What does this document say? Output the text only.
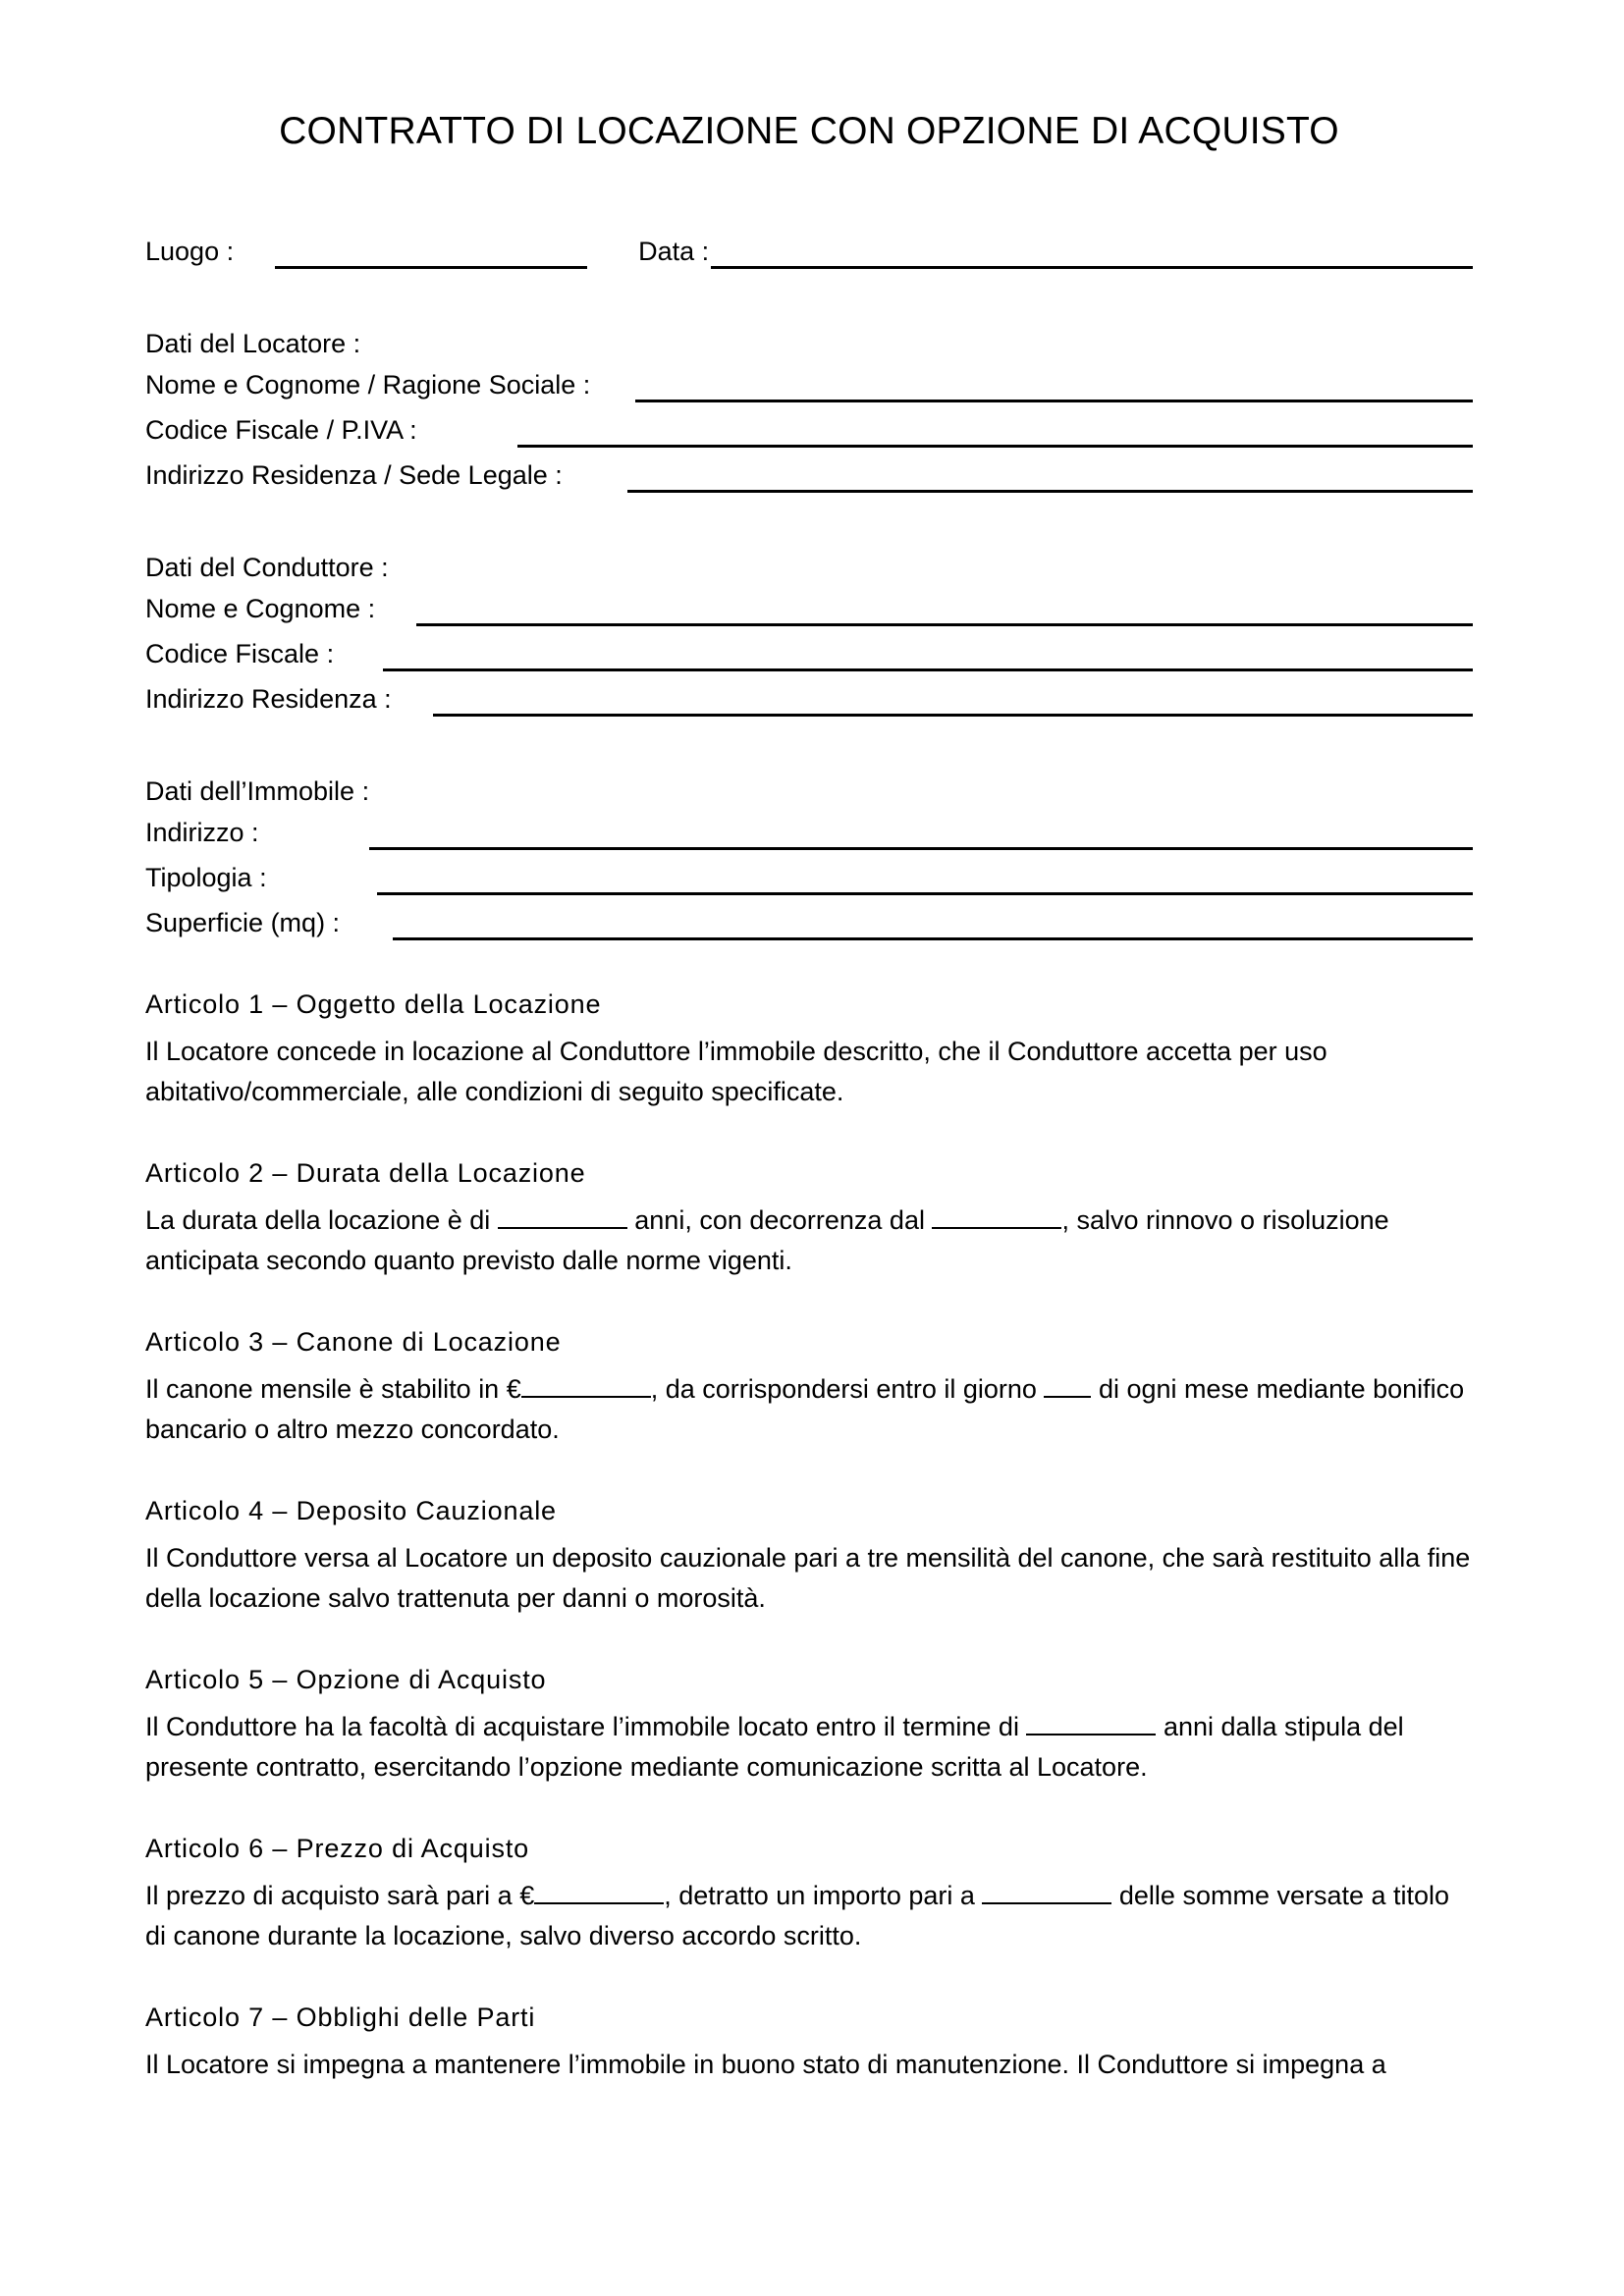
CONTRATTO DI LOCAZIONE CON OPZIONE DI ACQUISTO
Luogo :	Data :
Dati del Locatore :
Nome e Cognome / Ragione Sociale :
Codice Fiscale / P.IVA :
Indirizzo Residenza / Sede Legale :
Dati del Conduttore :
Nome e Cognome :
Codice Fiscale :
Indirizzo Residenza :
Dati dell’Immobile :
Indirizzo :
Tipologia :
Superficie (mq) :
Articolo 1 – Oggetto della Locazione

Il Locatore concede in locazione al Conduttore l’immobile descritto, che il Conduttore accetta per uso abitativo/commerciale, alle condizioni di seguito specificate.

Articolo 2 – Durata della Locazione

La durata della locazione è di	anni, con decorrenza dal	, salvo rinnovo o risoluzione anticipata secondo quanto previsto dalle norme vigenti.

Articolo 3 – Canone di Locazione

Il canone mensile è stabilito in €	, da corrispondersi entro il giorno  di ogni mese mediante bonifico bancario o altro mezzo concordato.

Articolo 4 – Deposito Cauzionale

Il Conduttore versa al Locatore un deposito cauzionale pari a tre mensilità del canone, che sarà restituito alla fine della locazione salvo trattenuta per danni o morosità.

Articolo 5 – Opzione di Acquisto

Il Conduttore ha la facoltà di acquistare l’immobile locato entro il termine di	anni dalla stipula del presente contratto, esercitando l’opzione mediante comunicazione scritta al Locatore.

Articolo 6 – Prezzo di Acquisto

Il prezzo di acquisto sarà pari a €	, detratto un importo pari a	delle somme versate a titolo di canone durante la locazione, salvo diverso accordo scritto.

Articolo 7 – Obblighi delle Parti

Il Locatore si impegna a mantenere l’immobile in buono stato di manutenzione. Il Conduttore si impegna a
